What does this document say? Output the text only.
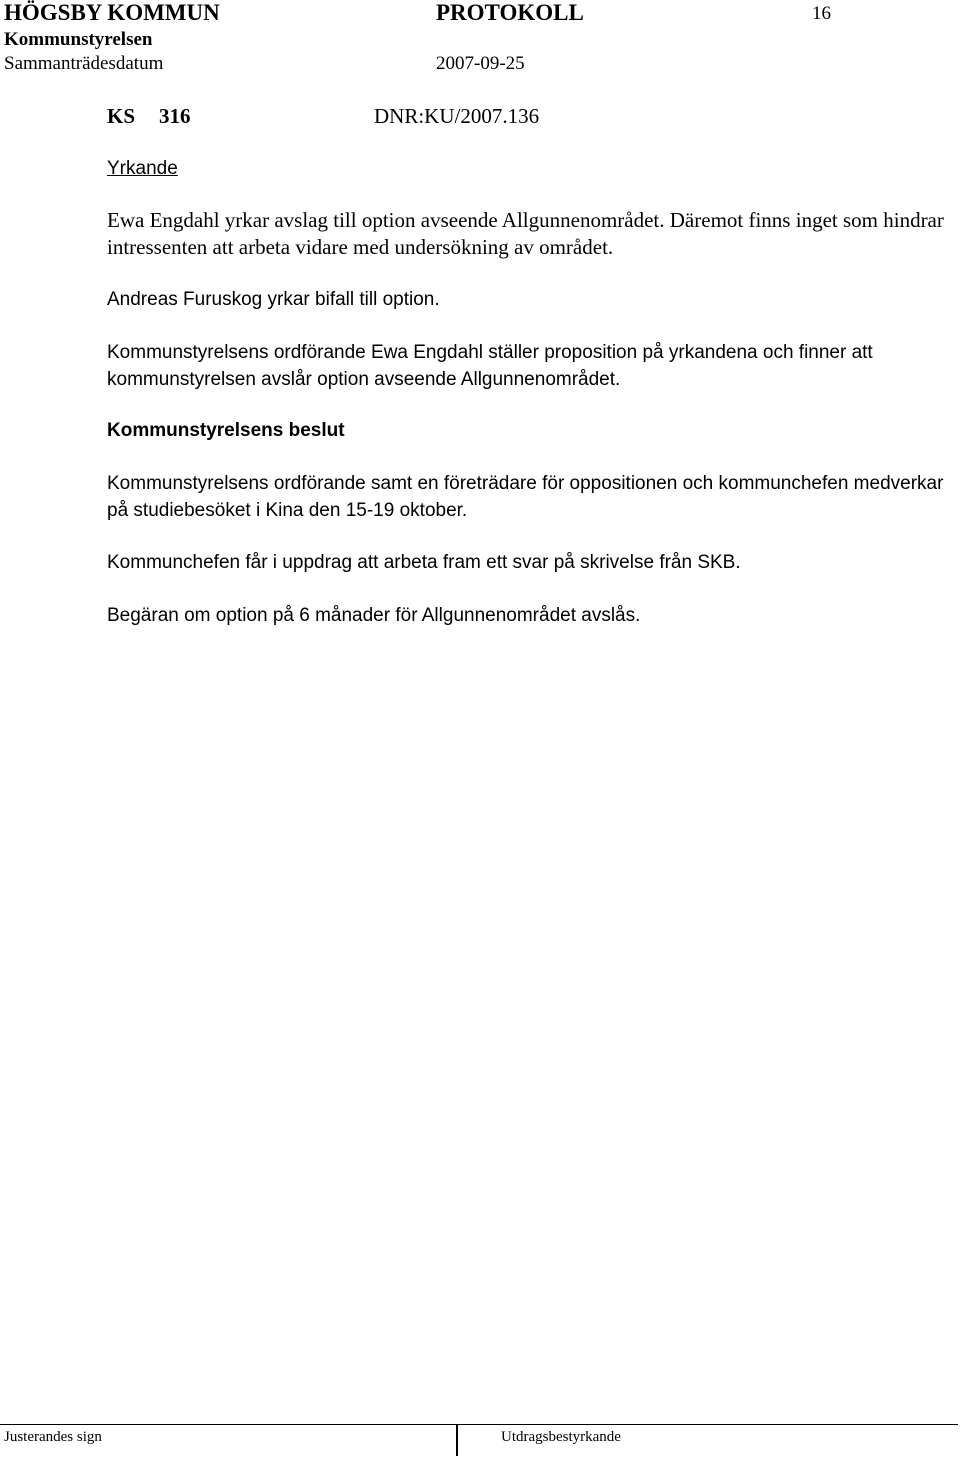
HÖGSBY KOMMUN	PROTOKOLL	16
Kommunstyrelsen
Sammanträdesdatum	2007-09-25
KS 316	DNR:KU/2007.136
Yrkande
Ewa Engdahl yrkar avslag till option avseende Allgunnenområdet. Däremot finns inget som hindrar intressenten att arbeta vidare med undersökning av området.
Andreas Furuskog yrkar bifall till option.
Kommunstyrelsens ordförande Ewa Engdahl ställer proposition på yrkandena och finner att kommunstyrelsen avslår option avseende Allgunnenområdet.
Kommunstyrelsens beslut
Kommunstyrelsens ordförande samt en företrädare för oppositionen och kommunchefen medverkar på studiebesöket i Kina den 15-19 oktober.
Kommunchefen får i uppdrag att arbeta fram ett svar på skrivelse från SKB.
Begäran om option på 6 månader för Allgunnenområdet avslås.
Justerandes sign	Utdragsbestyrkande
